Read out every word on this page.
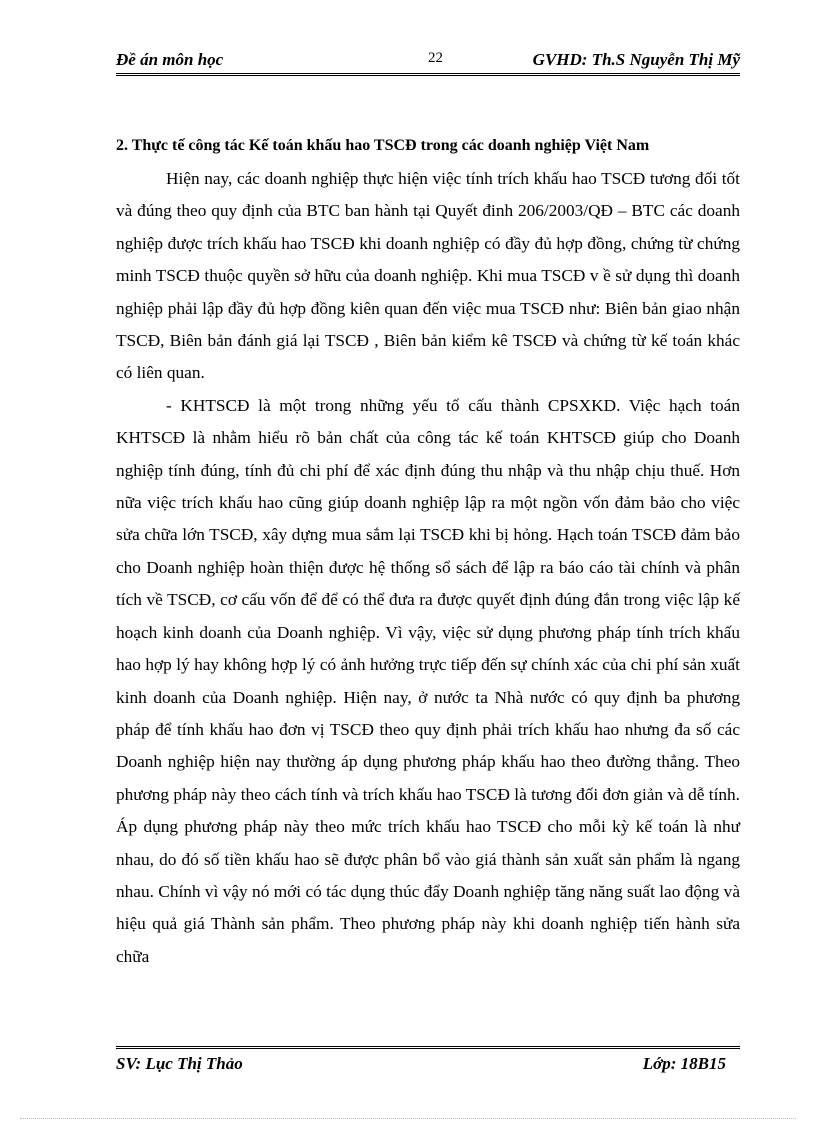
Đề án môn học	22	GVHD: Th.S Nguyễn Thị Mỹ
2. Thực tế công tác Kế toán khấu hao TSCĐ trong các doanh nghiệp Việt Nam

Hiện nay, các doanh nghiệp thực hiện việc tính trích khấu hao TSCĐ tương đối tốt và đúng theo quy định của BTC ban hành tại Quyết đinh 206/2003/QĐ – BTC các doanh nghiệp được trích khấu hao TSCĐ khi doanh nghiệp có đầy đủ hợp đồng, chứng từ chứng minh TSCĐ thuộc quyền sở hữu của doanh nghiệp. Khi mua TSCĐ v ề sử dụng thì doanh nghiệp phải lập đầy đủ hợp đồng kiên quan đến việc mua TSCĐ như: Biên bản giao nhận TSCĐ, Biên bản đánh giá lại TSCĐ , Biên bản kiểm kê TSCĐ và chứng từ kế toán khác có liên quan.

- KHTSCĐ là một trong những yếu tố cấu thành CPSXKD. Việc hạch toán KHTSCĐ là nhằm hiểu rõ bản chất của công tác kế toán KHTSCĐ giúp cho Doanh nghiệp tính đúng, tính đủ chi phí để xác định đúng thu nhập và thu nhập chịu thuế. Hơn nữa việc trích khấu hao cũng giúp doanh nghiệp lập ra một ngồn vốn đảm bảo cho việc sửa chữa lớn TSCĐ, xây dựng mua sắm lại TSCĐ khi bị hỏng. Hạch toán TSCĐ đảm bảo cho Doanh nghiệp hoàn thiện được hệ thống sổ sách để lập ra báo cáo tài chính và phân tích về TSCĐ, cơ cấu vốn để để có thể đưa ra được quyết định đúng đắn trong việc lập kế hoạch kinh doanh của Doanh nghiệp. Vì vậy, việc sử dụng phương pháp tính trích khấu hao hợp lý hay không hợp lý có ảnh hưởng trực tiếp đến sự chính xác của chi phí sản xuất kinh doanh của Doanh nghiệp. Hiện nay, ở nước ta Nhà nước có quy định ba phương pháp để tính khấu hao đơn vị TSCĐ theo quy định phải trích khấu hao nhưng đa số các Doanh nghiệp hiện nay thường áp dụng phương pháp khấu hao theo đường thẳng. Theo phương pháp này theo cách tính và trích khấu hao TSCĐ là tương đối đơn giản và dễ tính. Áp dụng phương pháp này theo mức trích khấu hao TSCĐ cho mỗi kỳ kế toán là như nhau, do đó số tiền khấu hao sẽ được phân bổ vào giá thành sản xuất sản phẩm là ngang nhau. Chính vì vậy nó mới có tác dụng thúc đẩy Doanh nghiệp tăng năng suất lao động và hiệu quả giá Thành sản phẩm. Theo phương pháp này khi doanh nghiệp tiến hành sửa chữa

SV: Lục Thị Thảo	Lớp: 18B15
